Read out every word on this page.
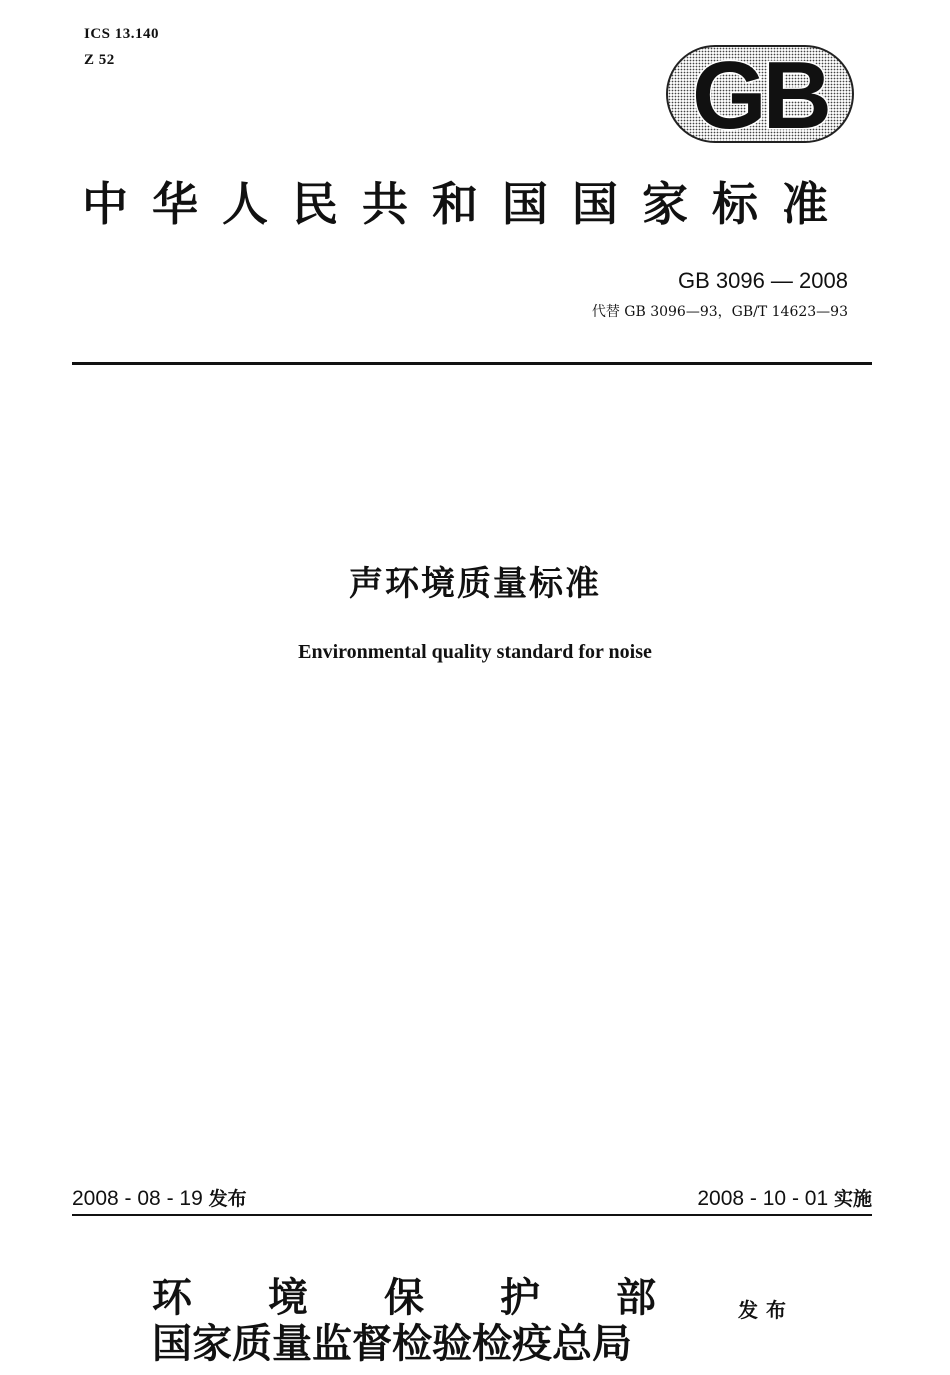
ICS 13.140
Z 52	GB
中华人民共和国国家标准
GB 3096 — 2008
代替 GB 3096—93，GB/T 14623—93
声环境质量标准
Environmental quality standard for noise
2008 - 08 - 19 发布	2008 - 10 - 01 实施
环境保护部
国家质量监督检验检疫总局
发布
